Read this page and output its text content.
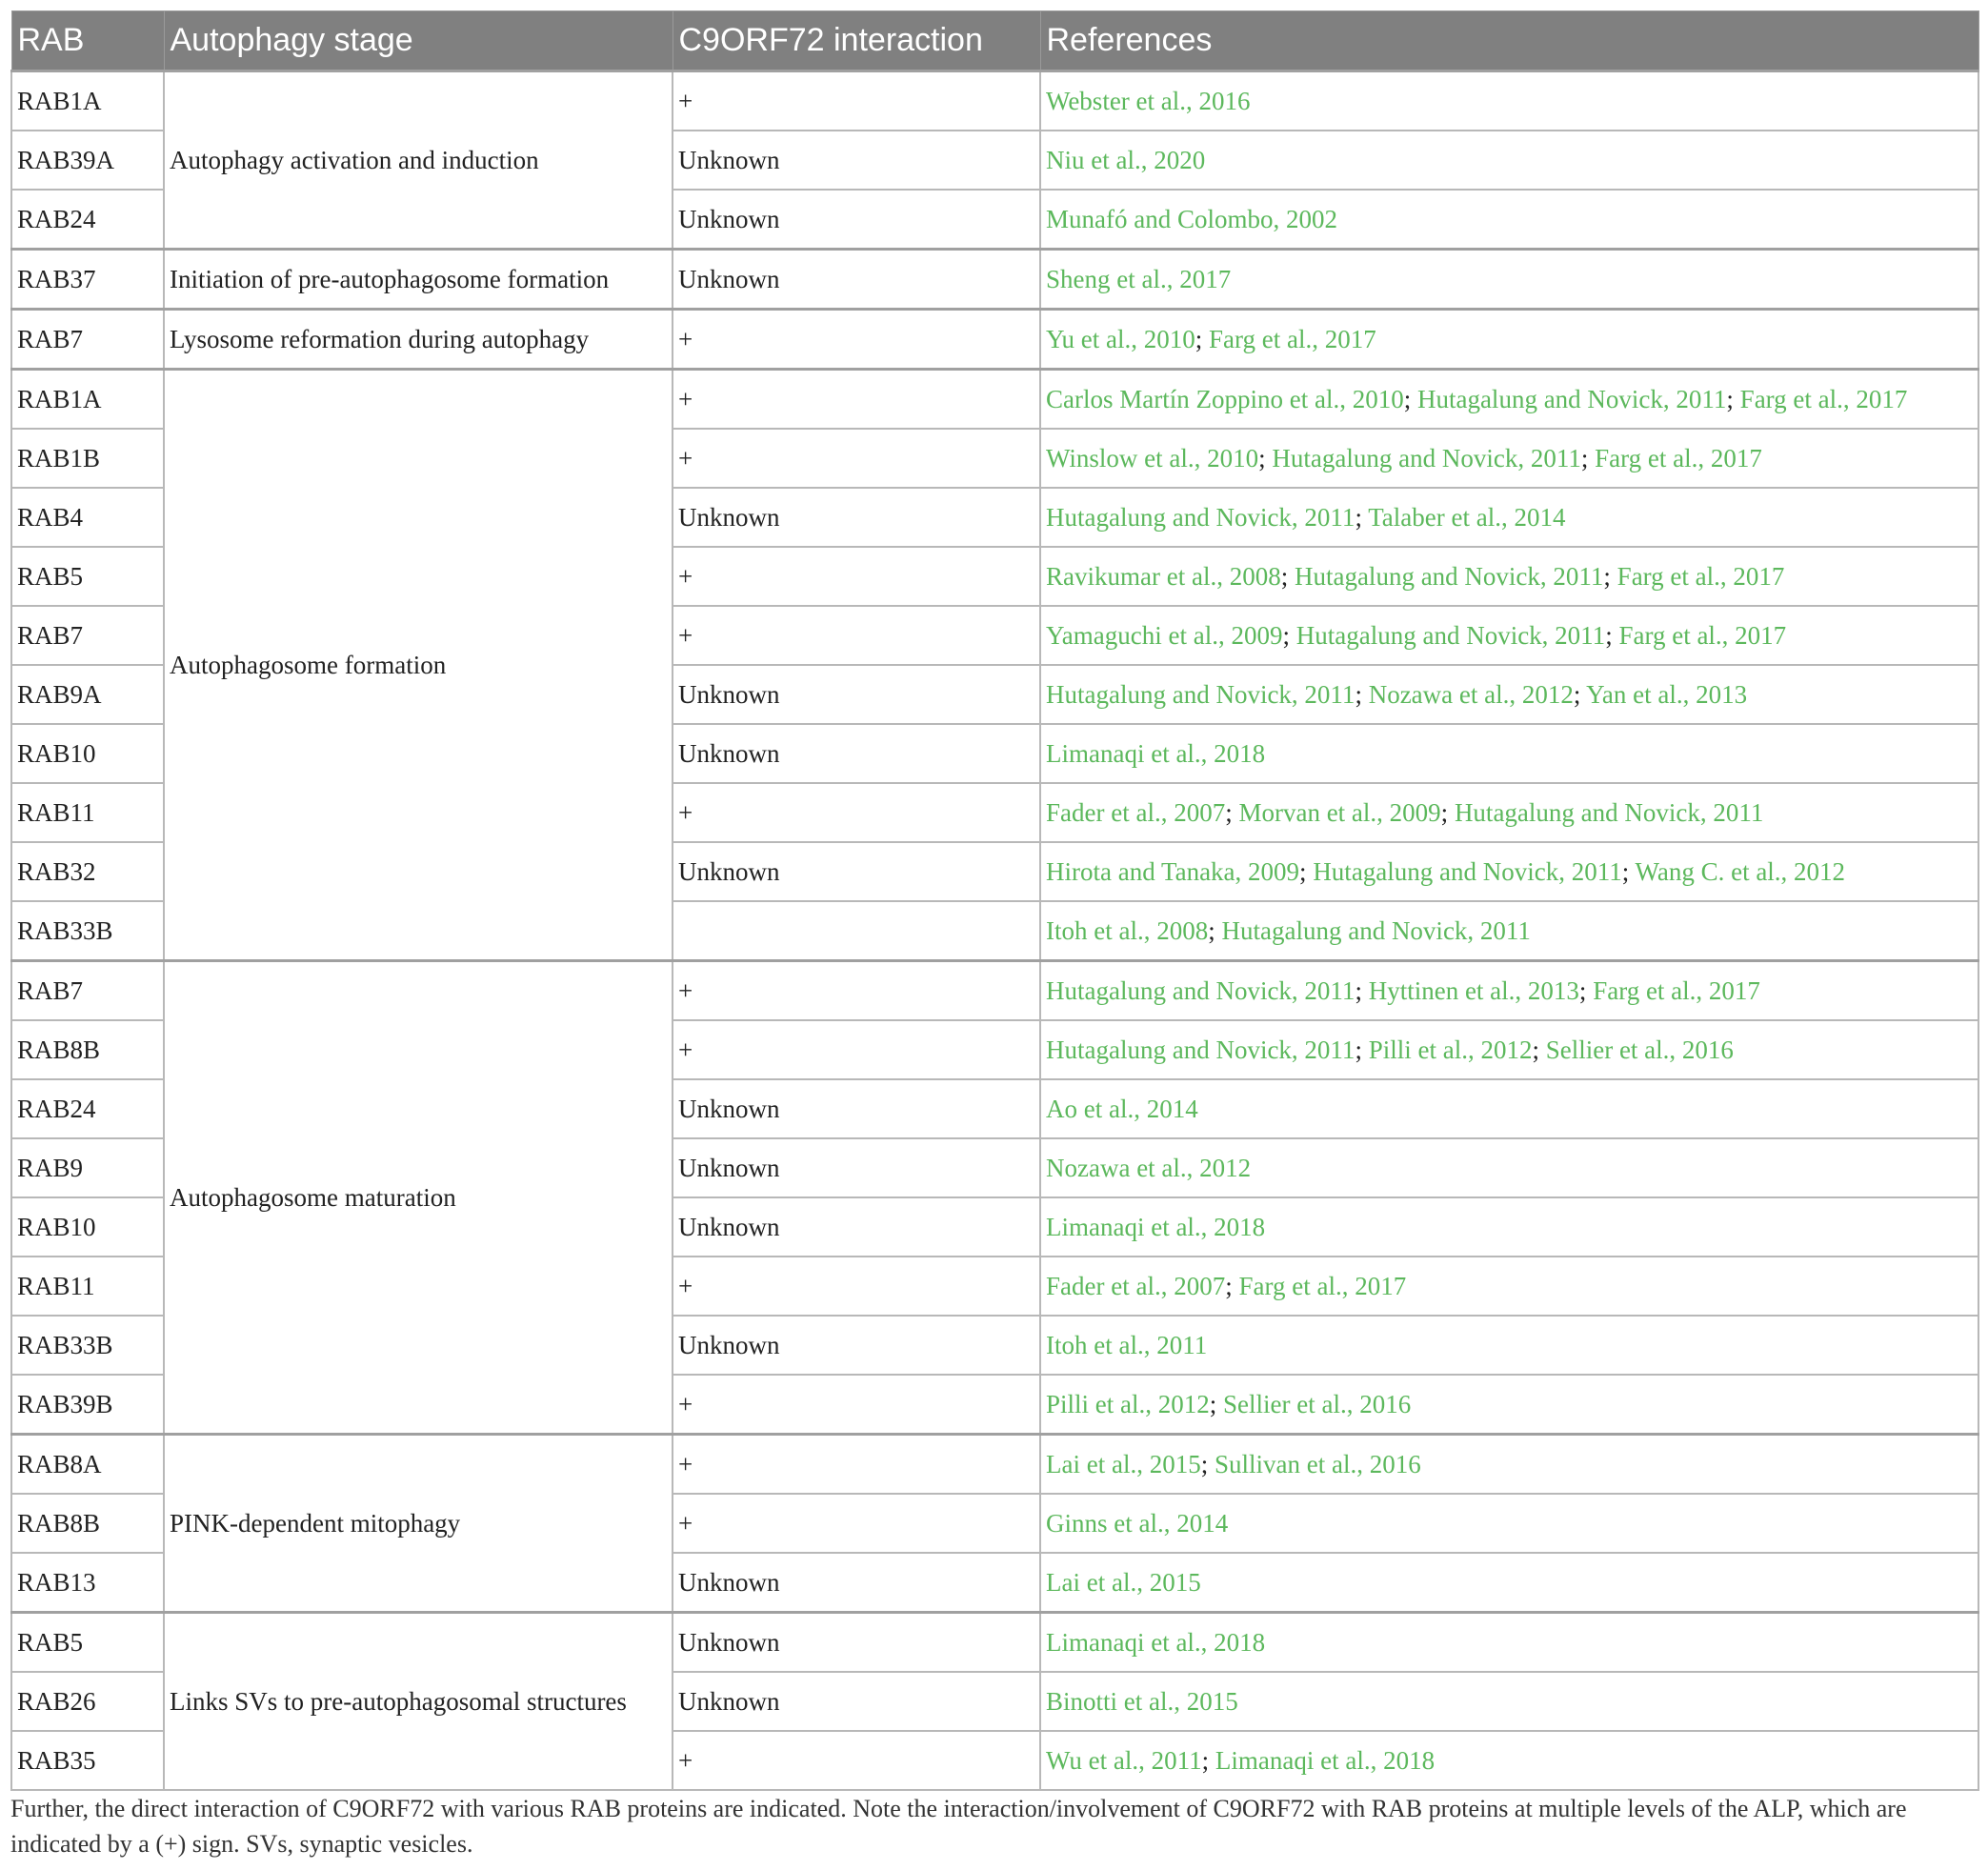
RAB	Autophagy stage	C9ORF72 interaction	References
RAB1A	Autophagy activation and induction	+	Webster et al., 2016
RAB39A		Unknown	Niu et al., 2020
RAB24		Unknown	Munafó and Colombo, 2002
RAB37	Initiation of pre-autophagosome formation	Unknown	Sheng et al., 2017
RAB7	Lysosome reformation during autophagy	+	Yu et al., 2010; Farg et al., 2017
RAB1A	Autophagosome formation	+	Carlos Martín Zoppino et al., 2010; Hutagalung and Novick, 2011; Farg et al., 2017
RAB1B		+	Winslow et al., 2010; Hutagalung and Novick, 2011; Farg et al., 2017
RAB4		Unknown	Hutagalung and Novick, 2011; Talaber et al., 2014
RAB5		+	Ravikumar et al., 2008; Hutagalung and Novick, 2011; Farg et al., 2017
RAB7		+	Yamaguchi et al., 2009; Hutagalung and Novick, 2011; Farg et al., 2017
RAB9A		Unknown	Hutagalung and Novick, 2011; Nozawa et al., 2012; Yan et al., 2013
RAB10		Unknown	Limanaqi et al., 2018
RAB11		+	Fader et al., 2007; Morvan et al., 2009; Hutagalung and Novick, 2011
RAB32		Unknown	Hirota and Tanaka, 2009; Hutagalung and Novick, 2011; Wang C. et al., 2012
RAB33B			Itoh et al., 2008; Hutagalung and Novick, 2011
RAB7	Autophagosome maturation	+	Hutagalung and Novick, 2011; Hyttinen et al., 2013; Farg et al., 2017
RAB8B		+	Hutagalung and Novick, 2011; Pilli et al., 2012; Sellier et al., 2016
RAB24		Unknown	Ao et al., 2014
RAB9		Unknown	Nozawa et al., 2012
RAB10		Unknown	Limanaqi et al., 2018
RAB11		+	Fader et al., 2007; Farg et al., 2017
RAB33B		Unknown	Itoh et al., 2011
RAB39B		+	Pilli et al., 2012; Sellier et al., 2016
RAB8A	PINK-dependent mitophagy	+	Lai et al., 2015; Sullivan et al., 2016
RAB8B		+	Ginns et al., 2014
RAB13		Unknown	Lai et al., 2015
RAB5	Links SVs to pre-autophagosomal structures	Unknown	Limanaqi et al., 2018
RAB26		Unknown	Binotti et al., 2015
RAB35		+	Wu et al., 2011; Limanaqi et al., 2018

Further, the direct interaction of C9ORF72 with various RAB proteins are indicated. Note the interaction/involvement of C9ORF72 with RAB proteins at multiple levels of the ALP, which are indicated by a (+) sign. SVs, synaptic vesicles.
